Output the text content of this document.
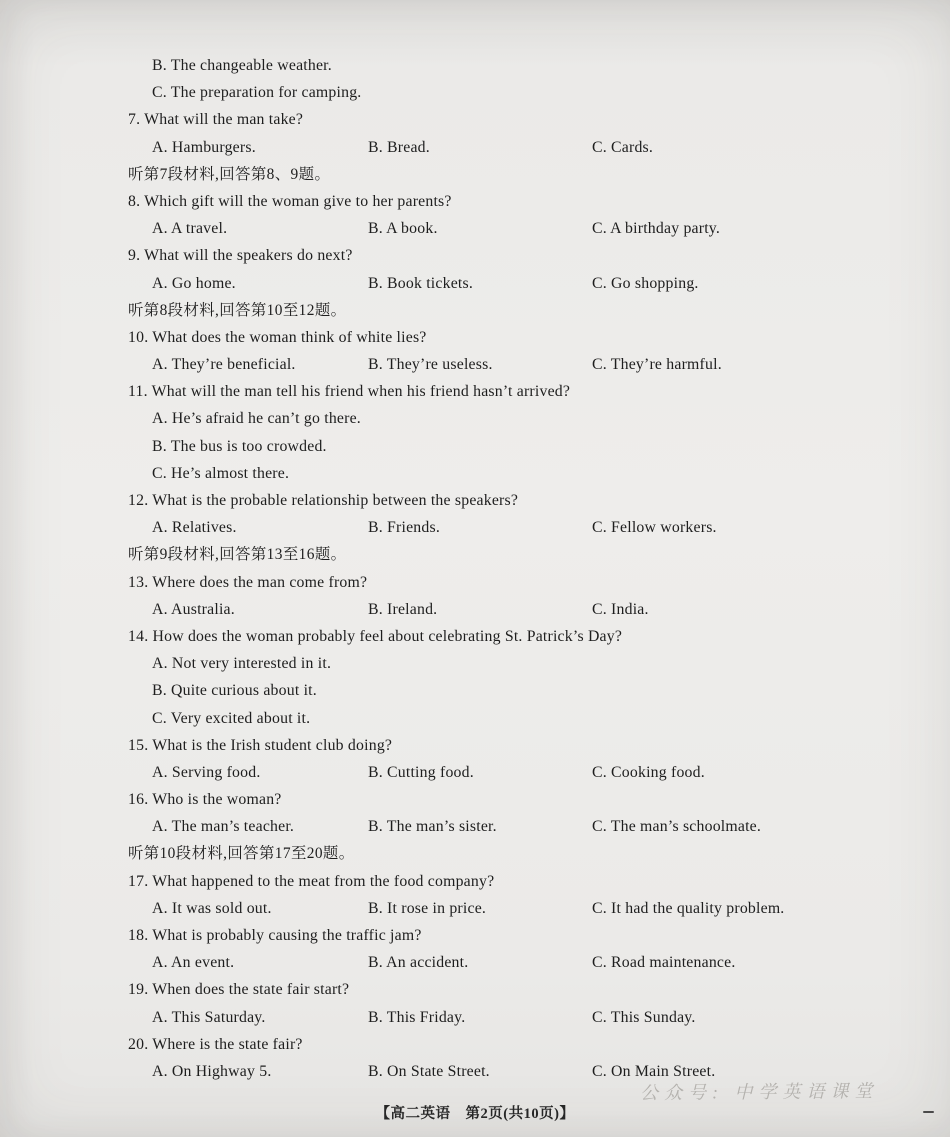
B. The changeable weather.
C. The preparation for camping.
7. What will the man take?
A. Hamburgers.	B. Bread.	C. Cards.
听第7段材料,回答第8、9题。
8. Which gift will the woman give to her parents?
A. A travel.	B. A book.	C. A birthday party.
9. What will the speakers do next?
A. Go home.	B. Book tickets.	C. Go shopping.
听第8段材料,回答第10至12题。
10. What does the woman think of white lies?
A. They’re beneficial.	B. They’re useless.	C. They’re harmful.
11. What will the man tell his friend when his friend hasn’t arrived?
A. He’s afraid he can’t go there.
B. The bus is too crowded.
C. He’s almost there.
12. What is the probable relationship between the speakers?
A. Relatives.	B. Friends.	C. Fellow workers.
听第9段材料,回答第13至16题。
13. Where does the man come from?
A. Australia.	B. Ireland.	C. India.
14. How does the woman probably feel about celebrating St. Patrick’s Day?
A. Not very interested in it.
B. Quite curious about it.
C. Very excited about it.
15. What is the Irish student club doing?
A. Serving food.	B. Cutting food.	C. Cooking food.
16. Who is the woman?
A. The man’s teacher.	B. The man’s sister.	C. The man’s schoolmate.
听第10段材料,回答第17至20题。
17. What happened to the meat from the food company?
A. It was sold out.	B. It rose in price.	C. It had the quality problem.
18. What is probably causing the traffic jam?
A. An event.	B. An accident.	C. Road maintenance.
19. When does the state fair start?
A. This Saturday.	B. This Friday.	C. This Sunday.
20. Where is the state fair?
A. On Highway 5.	B. On State Street.	C. On Main Street.
公众号: 中学英语课堂
【高二英语　第2页(共10页)】
